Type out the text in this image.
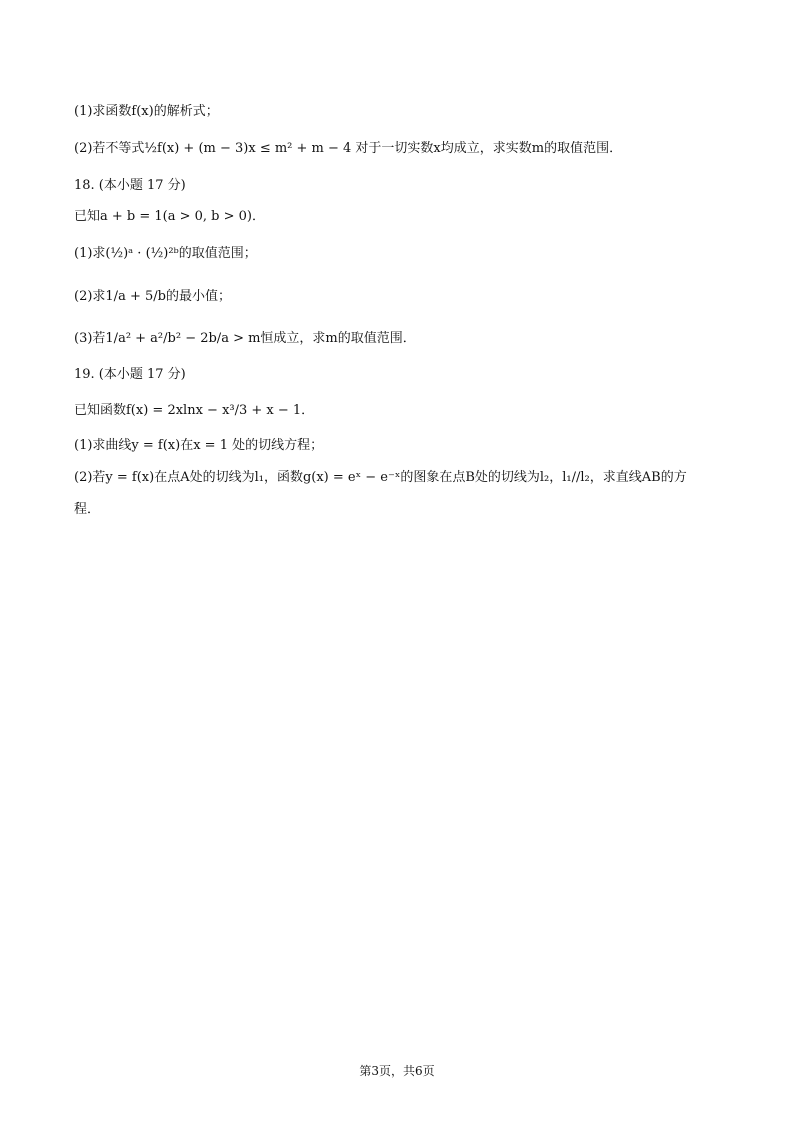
(1)求函数f(x)的解析式；
(2)若不等式½f(x) + (m − 3)x ≤ m² + m − 4 对于一切实数x均成立，求实数m的取值范围．
18. (本小题 17 分)
已知a + b = 1(a > 0, b > 0)．
(1)求(½)ᵃ · (½)²ᵇ的取值范围；
(2)求1/a + 5/b的最小值；
(3)若1/a² + a²/b² − 2b/a > m恒成立，求m的取值范围．
19. (本小题 17 分)
已知函数f(x) = 2xlnx − x³/3 + x − 1．
(1)求曲线y = f(x)在x = 1 处的切线方程；
(2)若y = f(x)在点A处的切线为l₁，函数g(x) = eˣ − e⁻ˣ的图象在点B处的切线为l₂，l₁//l₂，求直线AB的方
程．
第3页，共6页
